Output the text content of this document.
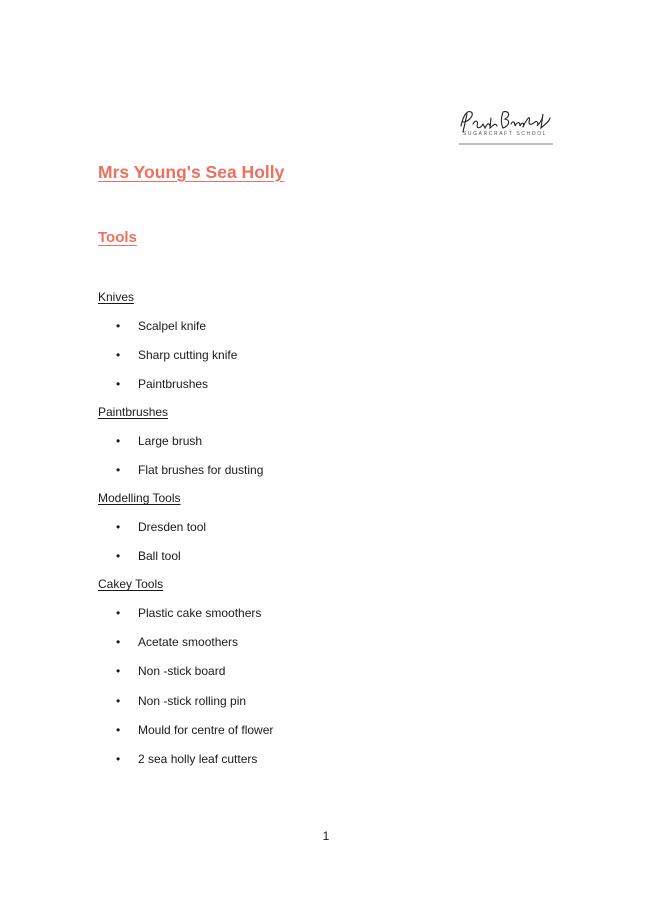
SUGARCRAFT SCHOOL
Mrs Young's Sea Holly
Tools
Knives
• Scalpel knife
• Sharp cutting knife
• Paintbrushes
Paintbrushes
• Large brush
• Flat brushes for dusting
Modelling Tools
• Dresden tool
• Ball tool
Cakey Tools
• Plastic cake smoothers
• Acetate smoothers
• Non -stick board
• Non -stick rolling pin
• Mould for centre of flower
• 2 sea holly leaf cutters
1
